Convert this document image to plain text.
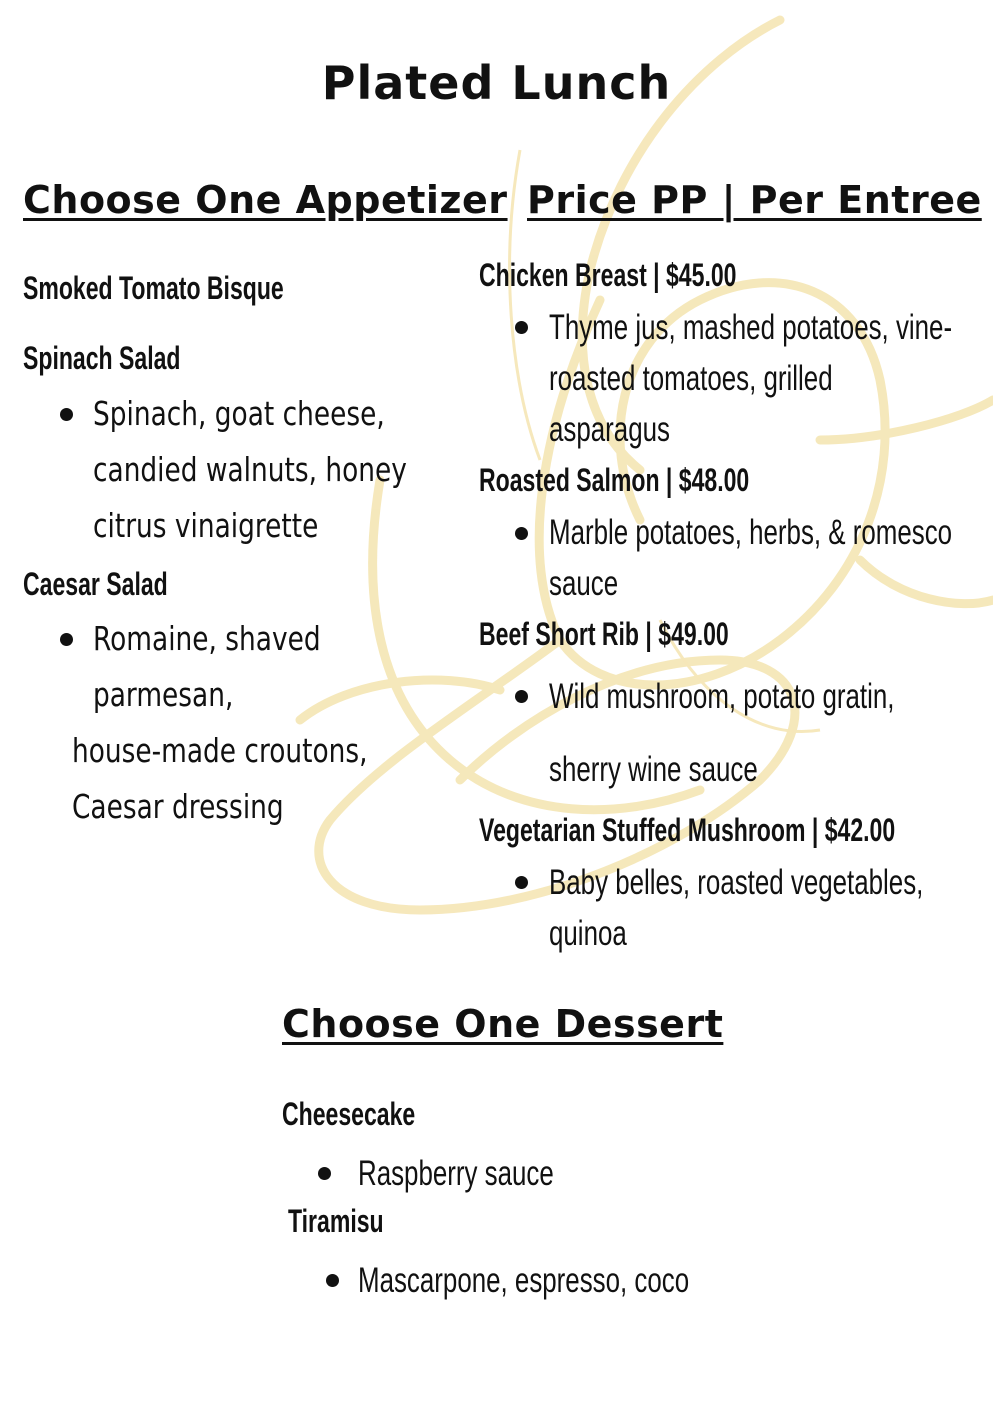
Plated Lunch
Choose One Appetizer Price PP | Per Entree
Smoked Tomato Bisque
Spinach Salad
Spinach, goat cheese,
candied walnuts, honey
citrus vinaigrette
Caesar Salad
Romaine, shaved
parmesan,
house-made croutons,
Caesar dressing
Chicken Breast | $45.00
Thyme jus, mashed potatoes, vine-
roasted tomatoes, grilled
asparagus
Roasted Salmon | $48.00
Marble potatoes, herbs, & romesco
sauce
Beef Short Rib | $49.00
Wild mushroom, potato gratin,
sherry wine sauce
Vegetarian Stuffed Mushroom | $42.00
Baby belles, roasted vegetables,
quinoa
Choose One Dessert
Cheesecake
Raspberry sauce
Tiramisu
Mascarpone, espresso, coco
